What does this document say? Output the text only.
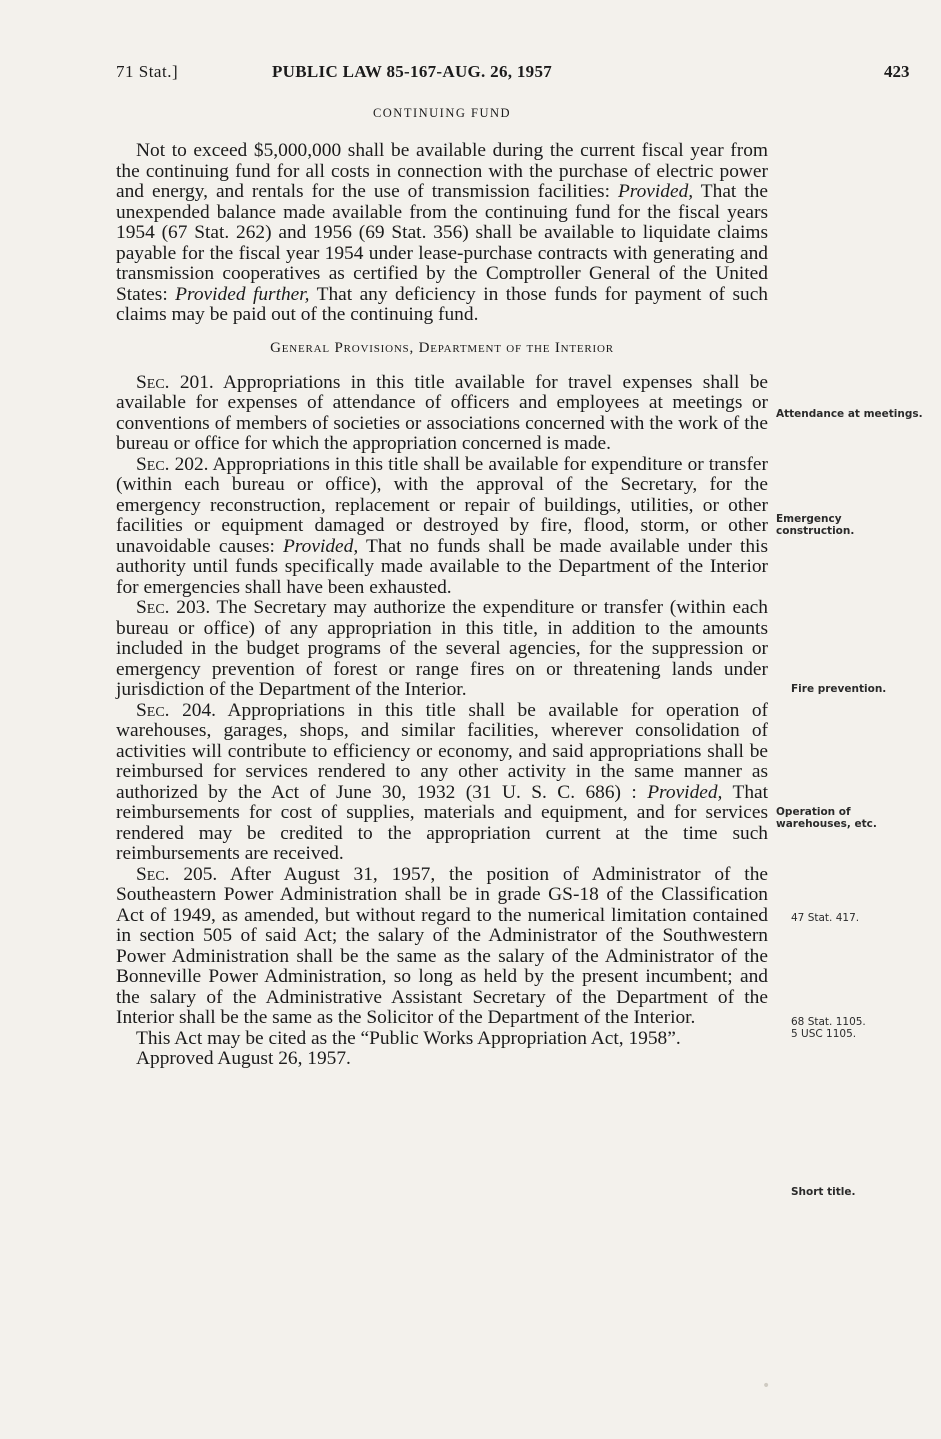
71 Stat.]	PUBLIC LAW 85-167-AUG. 26, 1957	423
CONTINUING FUND

Not to exceed $5,000,000 shall be available during the current fiscal year from the continuing fund for all costs in connection with the purchase of electric power and energy, and rentals for the use of transmission facilities: Provided, That the unexpended balance made available from the continuing fund for the fiscal years 1954 (67 Stat. 262) and 1956 (69 Stat. 356) shall be available to liquidate claims payable for the fiscal year 1954 under lease-purchase contracts with generating and transmission cooperatives as certified by the Comptroller General of the United States: Provided further, That any deficiency in those funds for payment of such claims may be paid out of the continuing fund.

General Provisions, Department of the Interior

Sec. 201. Appropriations in this title available for travel expenses shall be available for expenses of attendance of officers and employees at meetings or conventions of members of societies or associations concerned with the work of the bureau or office for which the appropriation concerned is made.

Sec. 202. Appropriations in this title shall be available for expenditure or transfer (within each bureau or office), with the approval of the Secretary, for the emergency reconstruction, replacement or repair of buildings, utilities, or other facilities or equipment damaged or destroyed by fire, flood, storm, or other unavoidable causes: Provided, That no funds shall be made available under this authority until funds specifically made available to the Department of the Interior for emergencies shall have been exhausted.

Sec. 203. The Secretary may authorize the expenditure or transfer (within each bureau or office) of any appropriation in this title, in addition to the amounts included in the budget programs of the several agencies, for the suppression or emergency prevention of forest or range fires on or threatening lands under jurisdiction of the Department of the Interior.

Sec. 204. Appropriations in this title shall be available for operation of warehouses, garages, shops, and similar facilities, wherever consolidation of activities will contribute to efficiency or economy, and said appropriations shall be reimbursed for services rendered to any other activity in the same manner as authorized by the Act of June 30, 1932 (31 U. S. C. 686) : Provided, That reimbursements for cost of supplies, materials and equipment, and for services rendered may be credited to the appropriation current at the time such reimbursements are received.

Sec. 205. After August 31, 1957, the position of Administrator of the Southeastern Power Administration shall be in grade GS-18 of the Classification Act of 1949, as amended, but without regard to the numerical limitation contained in section 505 of said Act; the salary of the Administrator of the Southwestern Power Administration shall be the same as the salary of the Administrator of the Bonneville Power Administration, so long as held by the present incumbent; and the salary of the Administrative Assistant Secretary of the Department of the Interior shall be the same as the Solicitor of the Department of the Interior.

This Act may be cited as the “Public Works Appropriation Act, 1958”.

Approved August 26, 1957.

Attendance at meetings.
Emergency construction.
Fire prevention.
Operation of warehouses, etc.
47 Stat. 417.
68 Stat. 1105.
5 USC 1105.
Short title.
•
